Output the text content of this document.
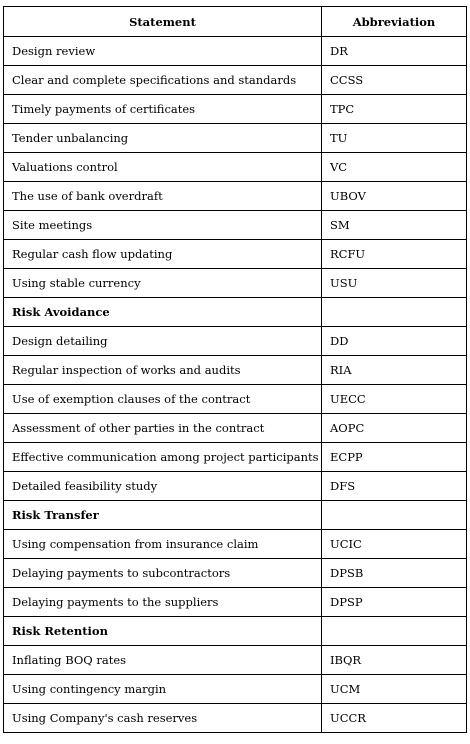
Statement	Abbreviation
Design review	DR
Clear and complete specifications and standards	CCSS
Timely payments of certificates	TPC
Tender unbalancing	TU
Valuations control	VC
The use of bank overdraft	UBOV
Site meetings	SM
Regular cash flow updating	RCFU
Using stable currency	USU
Risk Avoidance	
Design detailing	DD
Regular inspection of works and audits	RIA
Use of exemption clauses of the contract	UECC
Assessment of other parties in the contract	AOPC
Effective communication among project participants	ECPP
Detailed feasibility study	DFS
Risk Transfer	
Using compensation from insurance claim	UCIC
Delaying payments to subcontractors	DPSB
Delaying payments to the suppliers	DPSP
Risk Retention	
Inflating BOQ rates	IBQR
Using contingency margin	UCM
Using Company's cash reserves	UCCR
